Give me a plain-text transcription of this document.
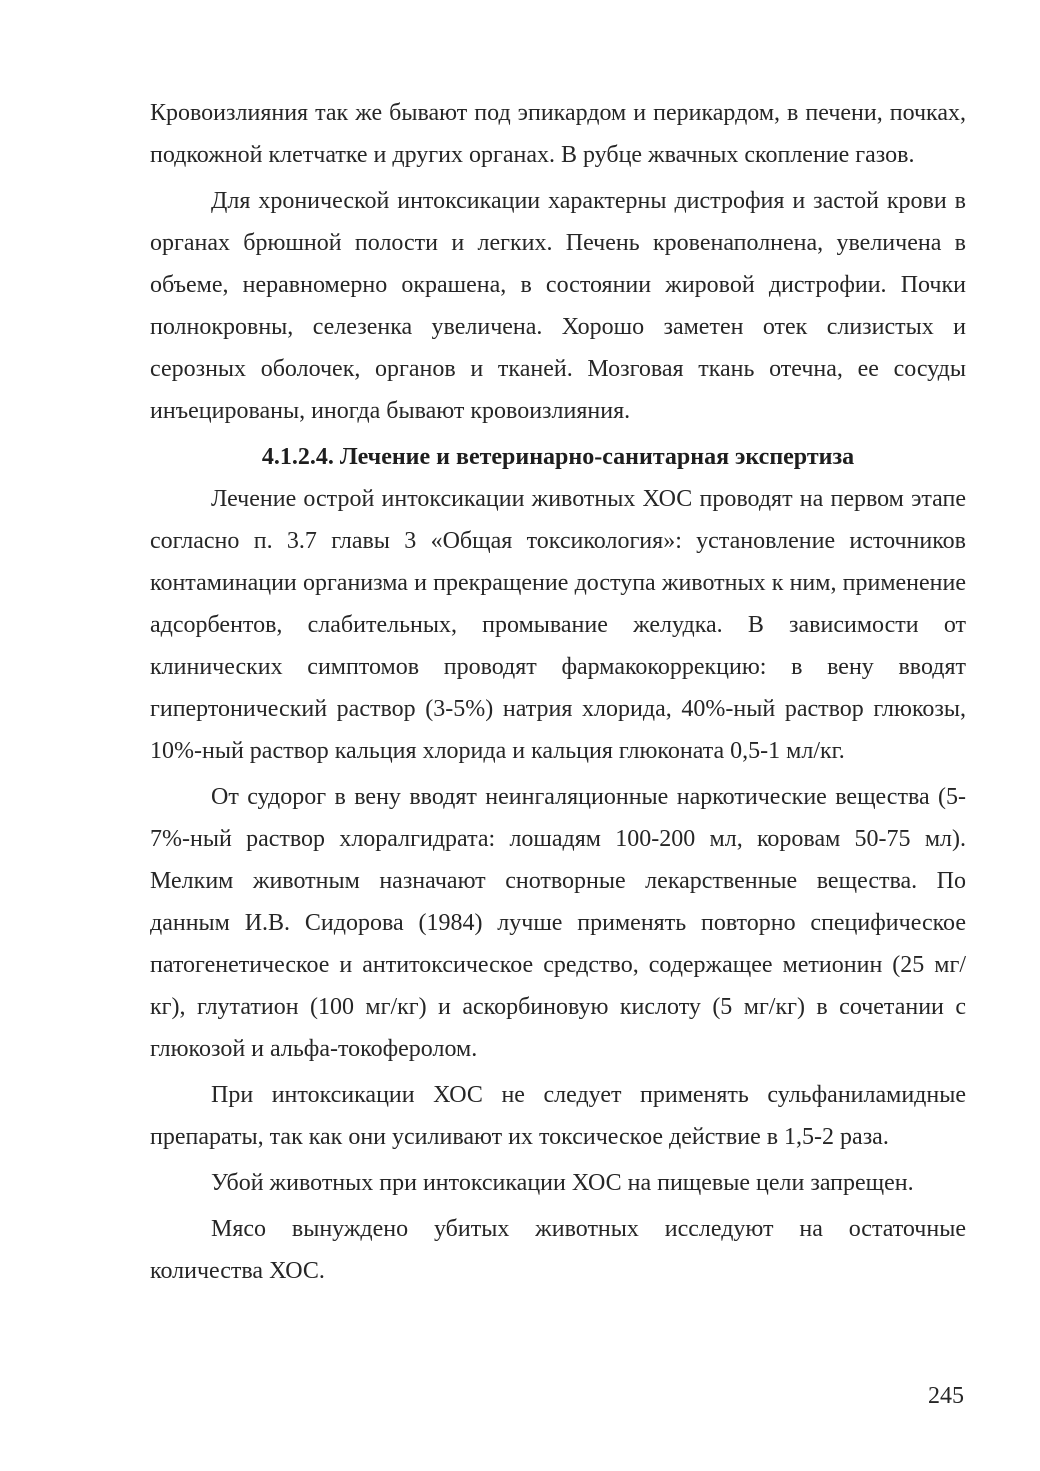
Кровоизлияния так же бывают под эпикардом и перикардом, в печени, почках, подкожной клетчатке и других органах. В рубце жвачных скопление газов.

Для хронической интоксикации характерны дистрофия и застой крови в органах брюшной полости и легких. Печень кровенаполнена, увеличена в объеме, неравномерно окрашена, в состоянии жировой дистрофии. Почки полнокровны, селезенка увеличена. Хорошо заметен отек слизистых и серозных оболочек, органов и тканей. Мозговая ткань отечна, ее сосуды инъецированы, иногда бывают кровоизлияния.

4.1.2.4. Лечение и ветеринарно-санитарная экспертиза

Лечение острой интоксикации животных ХОС проводят на первом этапе согласно п. 3.7 главы 3 «Общая токсикология»: установление источников контаминации организма и прекращение доступа животных к ним, применение адсорбентов, слабительных, промывание желудка. В зависимости от клинических симптомов проводят фармакокоррекцию: в вену вводят гипертонический раствор (3-5%) натрия хлорида, 40%-ный раствор глюкозы, 10%-ный раствор кальция хлорида и кальция глюконата 0,5-1 мл/кг.

От судорог в вену вводят неингаляционные наркотические вещества (5-7%-ный раствор хлоралгидрата: лошадям 100-200 мл, коровам 50-75 мл). Мелким животным назначают снотворные лекарственные вещества. По данным И.В. Сидорова (1984) лучше применять повторно специфическое патогенетическое и антитоксическое средство, содержащее метионин (25 мг/кг), глутатион (100 мг/кг) и аскорбиновую кислоту (5 мг/кг) в сочетании с глюкозой и альфа-токоферолом.

При интоксикации ХОС не следует применять сульфаниламидные препараты, так как они усиливают их токсическое действие в 1,5-2 раза.

Убой животных при интоксикации ХОС на пищевые цели запрещен.

Мясо вынуждено убитых животных исследуют на остаточные количества ХОС.

245
